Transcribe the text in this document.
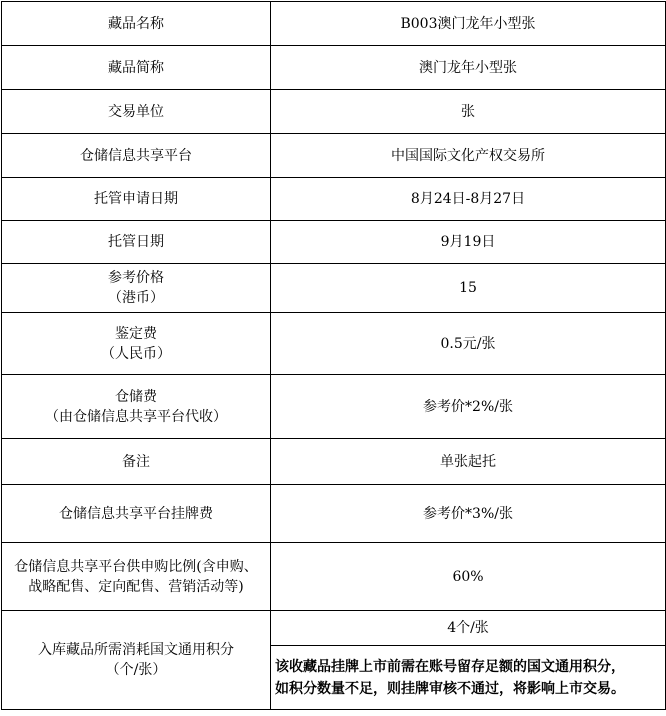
藏品名称	B003澳门龙年小型张

藏品简称	澳门龙年小型张

交易单位	张

仓储信息共享平台	中国国际文化产权交易所

托管申请日期	8月24日-8月27日

托管日期	9月19日

参考价格
（港币）	15

鉴定费
（人民币）	0.5元/张

仓储费
（由仓储信息共享平台代收）	参考价*2%/张

备注	单张起托

仓储信息共享平台挂牌费	参考价*3%/张

仓储信息共享平台供申购比例(含申购、
战略配售、定向配售、营销活动等)	60%

入库藏品所需消耗国文通用积分
（个/张）	4个/张

	该收藏品挂牌上市前需在账号留存足额的国文通用积分，
如积分数量不足，则挂牌审核不通过，将影响上市交易。
